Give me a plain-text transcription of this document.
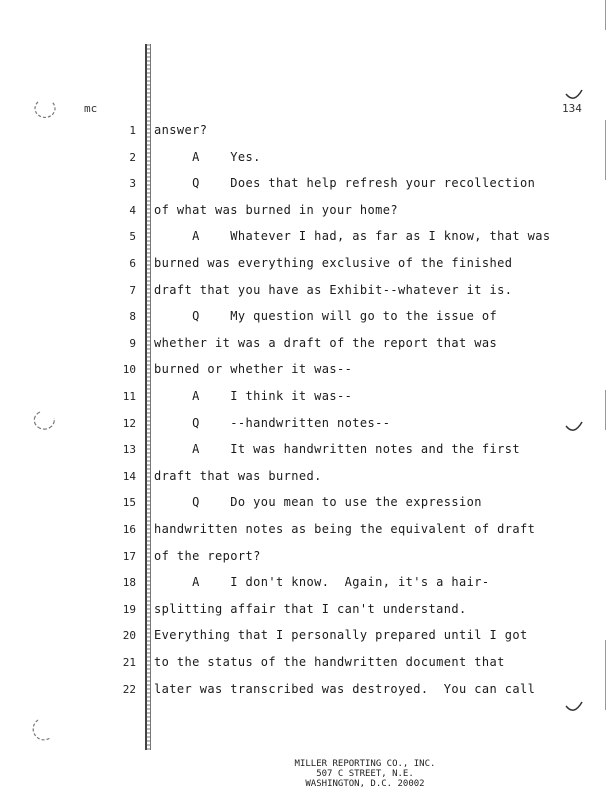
mc	134
1 answer?
2 A    Yes.
3 Q    Does that help refresh your recollection
4 of what was burned in your home?
5 A    Whatever I had, as far as I know, that was
6 burned was everything exclusive of the finished
7 draft that you have as Exhibit--whatever it is.
8 Q    My question will go to the issue of
9 whether it was a draft of the report that was
10 burned or whether it was--
11 A    I think it was--
12 Q    --handwritten notes--
13 A    It was handwritten notes and the first
14 draft that was burned.
15 Q    Do you mean to use the expression
16 handwritten notes as being the equivalent of draft
17 of the report?
18 A    I don't know.  Again, it's a hair-
19 splitting affair that I can't understand.
20 Everything that I personally prepared until I got
21 to the status of the handwritten document that
22 later was transcribed was destroyed.  You can call
MILLER REPORTING CO., INC.
507 C STREET, N.E.
WASHINGTON, D.C. 20002
